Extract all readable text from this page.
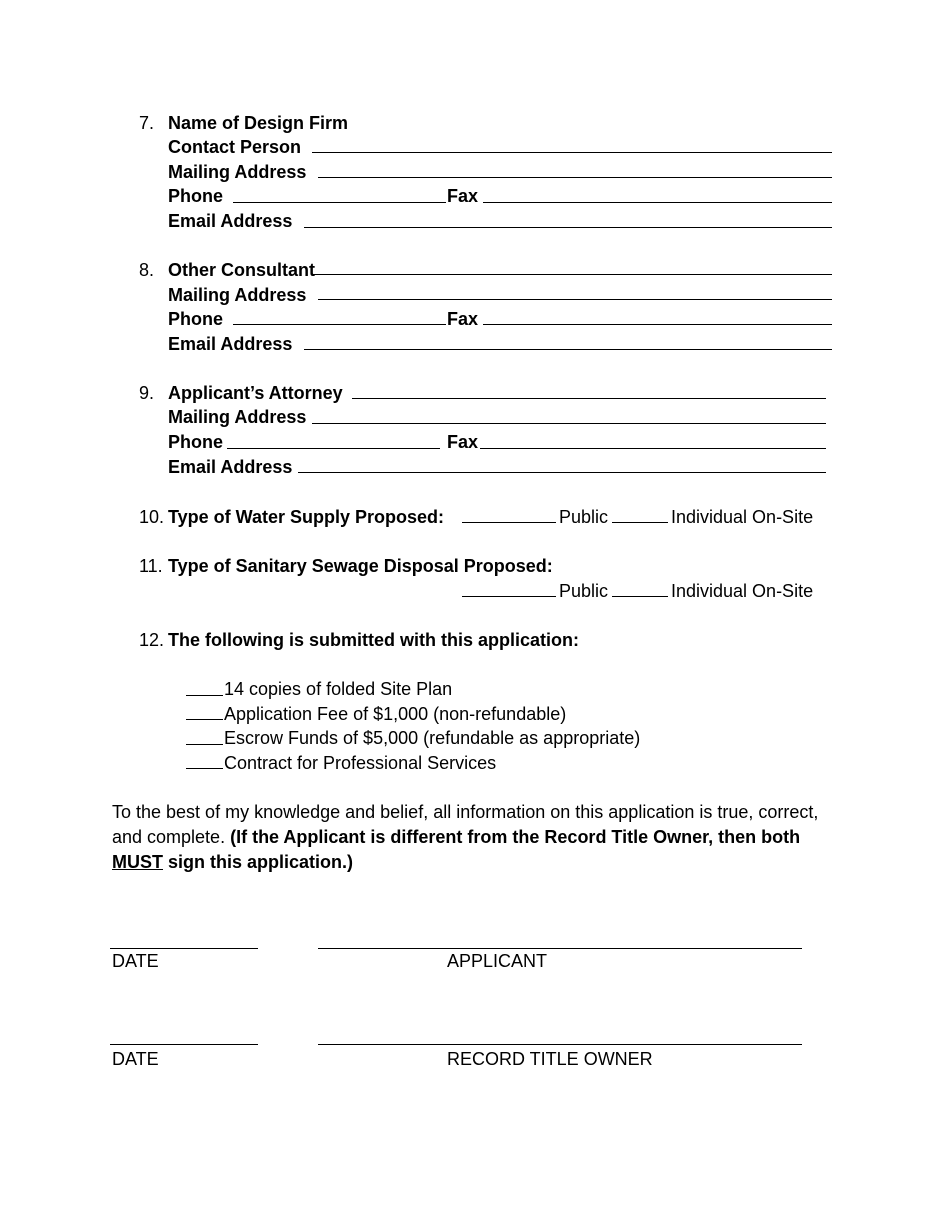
7. Name of Design Firm
Contact Person
Mailing Address
Phone	Fax
Email Address
8. Other Consultant
Mailing Address
Phone	Fax
Email Address
9. Applicant’s Attorney
Mailing Address
Phone	Fax
Email Address
10. Type of Water Supply Proposed:	Public	Individual On-Site
11. Type of Sanitary Sewage Disposal Proposed:
Public	Individual On-Site
12. The following is submitted with this application:
14 copies of folded Site Plan
Application Fee of $1,000 (non-refundable)
Escrow Funds of $5,000 (refundable as appropriate)
Contract for Professional Services
To the best of my knowledge and belief, all information on this application is true, correct, and complete. (If the Applicant is different from the Record Title Owner, then both MUST sign this application.)
DATE	APPLICANT
DATE	RECORD TITLE OWNER
